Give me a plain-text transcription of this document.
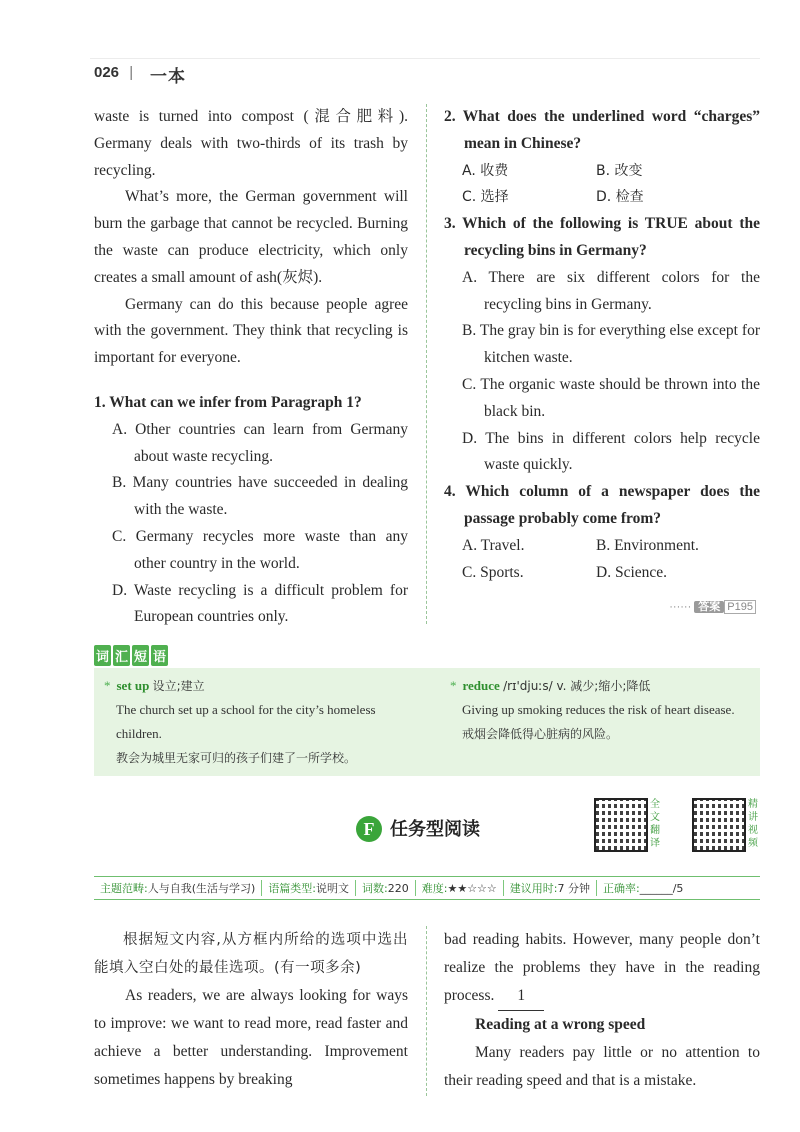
026 | 一本

waste is turned into compost (混合肥料). Germany deals with two-thirds of its trash by recycling.

What’s more, the German government will burn the garbage that cannot be recycled. Burning the waste can produce electricity, which only creates a small amount of ash(灰烬).

Germany can do this because people agree with the government. They think that recycling is important for everyone.

1. What can we infer from Paragraph 1?
A. Other countries can learn from Germany about waste recycling.
B. Many countries have succeeded in dealing with the waste.
C. Germany recycles more waste than any other country in the world.
D. Waste recycling is a difficult problem for European countries only.
2. What does the underlined word “charges” mean in Chinese?
A. 收费	B. 改变
C. 选择	D. 检查
3. Which of the following is TRUE about the recycling bins in Germany?
A. There are six different colors for the recycling bins in Germany.
B. The gray bin is for everything else except for kitchen waste.
C. The organic waste should be thrown into the black bin.
D. The bins in different colors help recycle waste quickly.
4. Which column of a newspaper does the passage probably come from?
A. Travel.	B. Environment.
C. Sports.	D. Science.
······ 答案 P195
词 汇 短 语
* set up 设立;建立
The church set up a school for the city’s homeless children.
教会为城里无家可归的孩子们建了一所学校。
* reduce /rɪ'djuːs/ v. 减少;缩小;降低
Giving up smoking reduces the risk of heart disease.
戒烟会降低得心脏病的风险。
F 任务型阅读
全
文
翻
译
精
讲
视
频
主题范畴:人与自我(生活与学习)	语篇类型:说明文	词数:220	难度:★★☆☆☆	建议用时:7 分钟	正确率:______/5

根据短文内容,从方框内所给的选项中选出能填入空白处的最佳选项。(有一项多余)

As readers, we are always looking for ways to improve: we want to read more, read faster and achieve a better understanding. Improvement sometimes happens by breaking

bad reading habits. However, many people don’t realize the problems they have in the reading process. 1

Reading at a wrong speed

Many readers pay little or no attention to their reading speed and that is a mistake.
